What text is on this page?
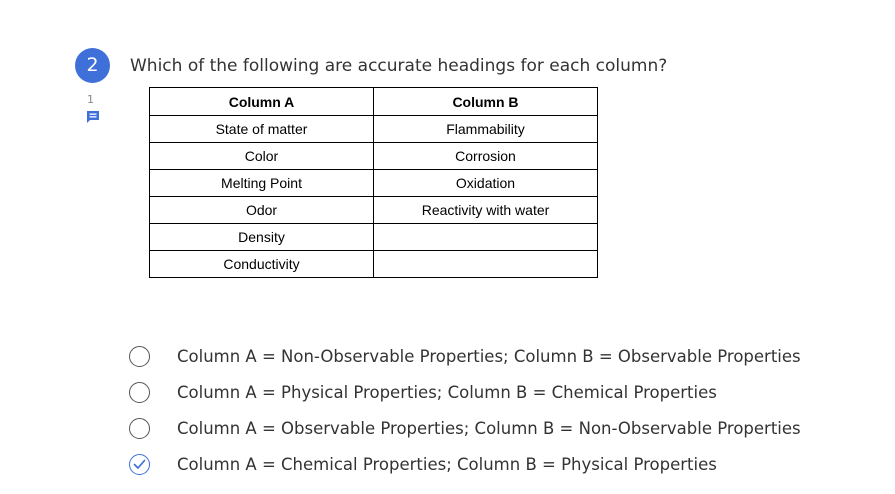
2
1
Which of the following are accurate headings for each column?
Column A	Column B
State of matter	Flammability
Color	Corrosion
Melting Point	Oxidation
Odor	Reactivity with water
Density	
Conductivity	
Column A = Non-Observable Properties; Column B = Observable Properties
Column A = Physical Properties; Column B = Chemical Properties
Column A = Observable Properties; Column B = Non-Observable Properties
Column A = Chemical Properties; Column B = Physical Properties
